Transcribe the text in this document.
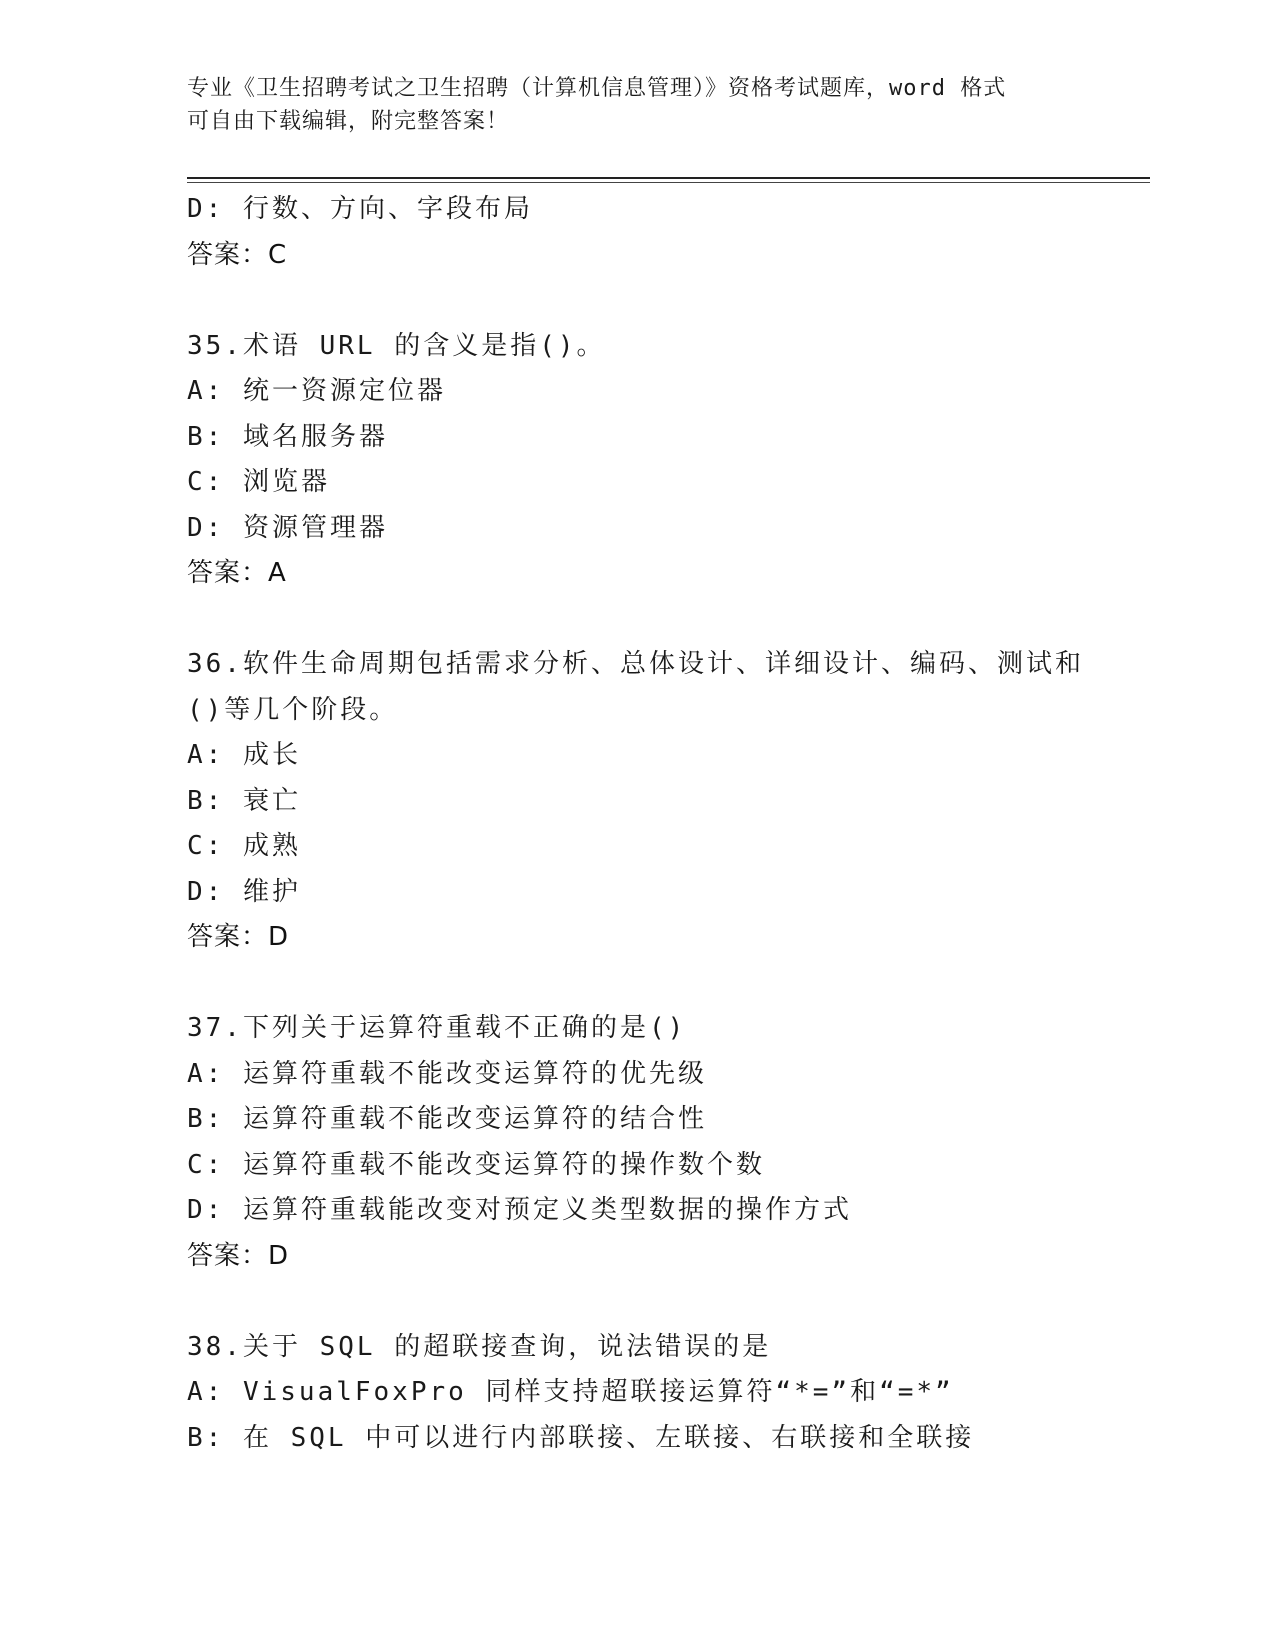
专业《卫生招聘考试之卫生招聘（计算机信息管理）》资格考试题库，word 格式
可自由下载编辑，附完整答案！
D: 行数、方向、字段布局
答案：C
35.术语 URL 的含义是指()。
A: 统一资源定位器
B: 域名服务器
C: 浏览器
D: 资源管理器
答案：A
36.软件生命周期包括需求分析、总体设计、详细设计、编码、测试和
()等几个阶段。
A: 成长
B: 衰亡
C: 成熟
D: 维护
答案：D
37.下列关于运算符重载不正确的是()
A: 运算符重载不能改变运算符的优先级
B: 运算符重载不能改变运算符的结合性
C: 运算符重载不能改变运算符的操作数个数
D: 运算符重载能改变对预定义类型数据的操作方式
答案：D
38.关于 SQL 的超联接查询，说法错误的是
A: VisualFoxPro 同样支持超联接运算符“*=”和“=*”
B: 在 SQL 中可以进行内部联接、左联接、右联接和全联接
